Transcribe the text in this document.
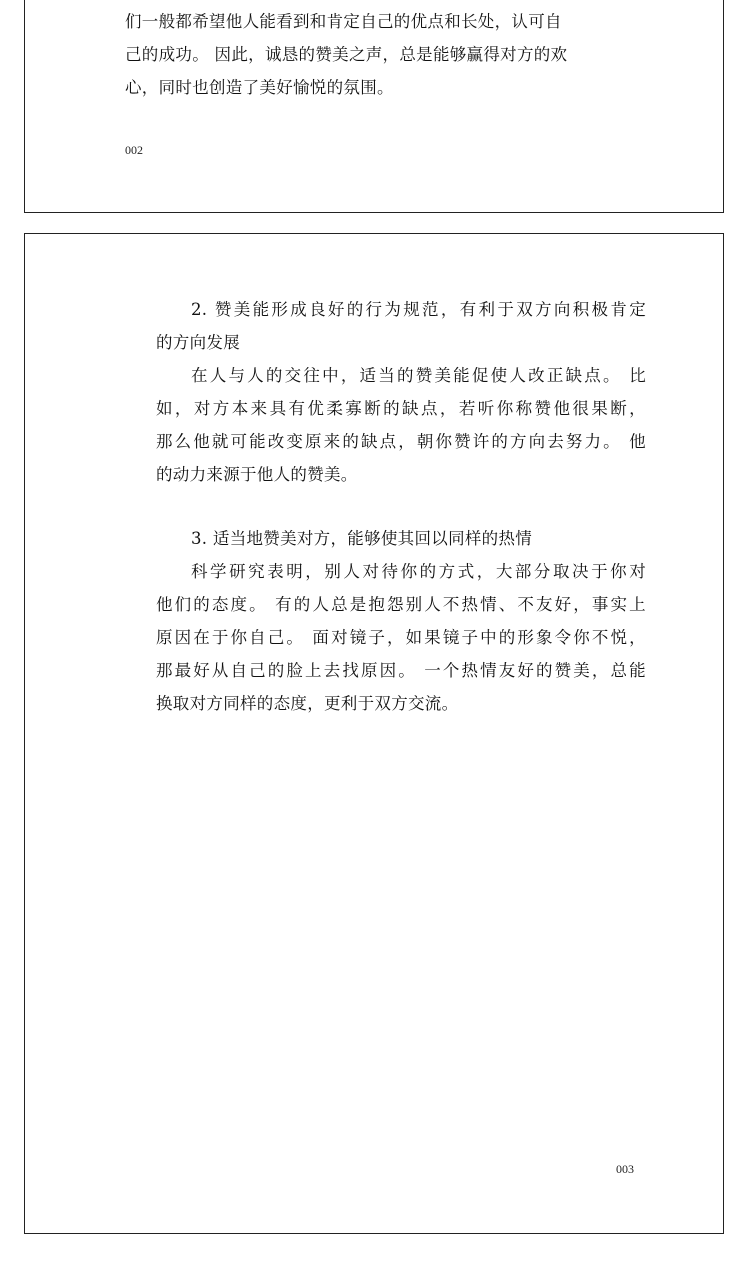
们一般都希望他人能看到和肯定自己的优点和长处，认可自
己的成功。 因此，诚恳的赞美之声，总是能够赢得对方的欢
心，同时也创造了美好愉悦的氛围。
002
2. 赞美能形成良好的行为规范，有利于双方向积极肯定
的方向发展
在人与人的交往中，适当的赞美能促使人改正缺点。 比
如，对方本来具有优柔寡断的缺点，若听你称赞他很果断，
那么他就可能改变原来的缺点，朝你赞许的方向去努力。 他
的动力来源于他人的赞美。
3. 适当地赞美对方，能够使其回以同样的热情
科学研究表明，别人对待你的方式，大部分取决于你对
他们的态度。 有的人总是抱怨别人不热情、不友好，事实上
原因在于你自己。 面对镜子，如果镜子中的形象令你不悦，
那最好从自己的脸上去找原因。 一个热情友好的赞美，总能
换取对方同样的态度，更利于双方交流。
003
